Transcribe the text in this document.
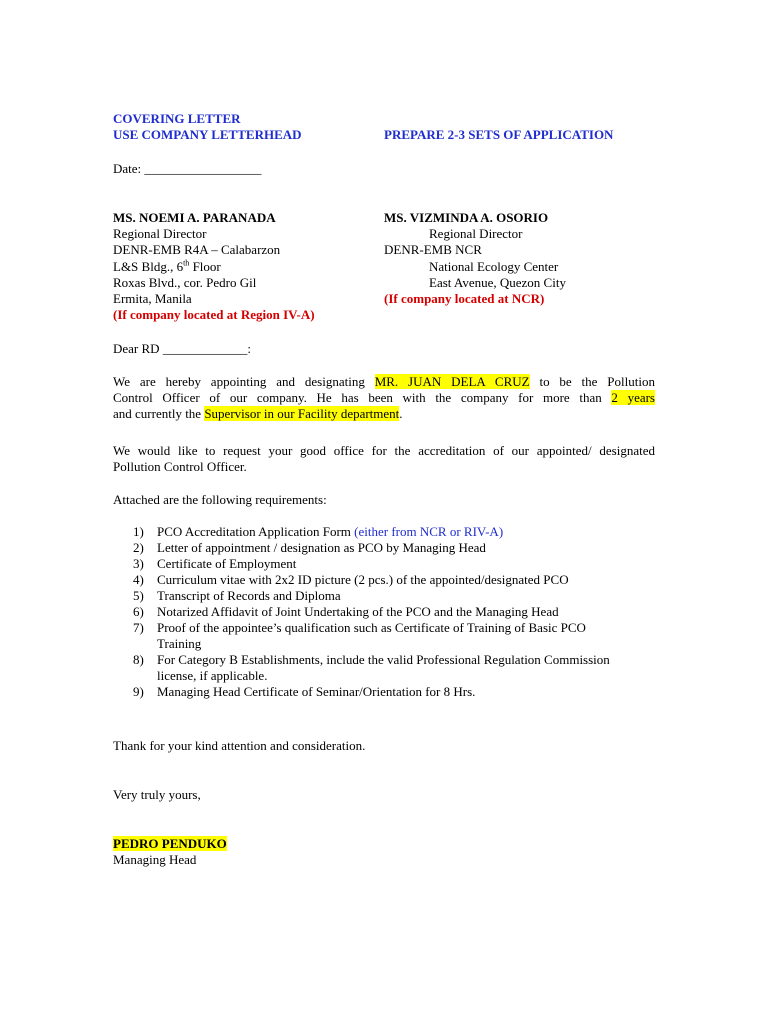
COVERING LETTER
USE COMPANY LETTERHEAD	PREPARE 2-3 SETS OF APPLICATION
Date: __________________
MS. NOEMI A. PARANADA
Regional Director
DENR-EMB R4A – Calabarzon
L&S Bldg., 6th Floor
Roxas Blvd., cor. Pedro Gil
Ermita, Manila
(If company located at Region IV-A)
MS. VIZMINDA A. OSORIO
Regional Director
DENR-EMB NCR
National Ecology Center
East Avenue, Quezon City
(If company located at NCR)
Dear RD _____________:
We are hereby appointing and designating MR. JUAN DELA CRUZ to be the Pollution
Control Officer of our company. He has been with the company for more than 2 years
and currently the Supervisor in our Facility department.
We would like to request your good office for the accreditation of our appointed/ designated
Pollution Control Officer.
Attached are the following requirements:
1) PCO Accreditation Application Form (either from NCR or RIV-A)
2) Letter of appointment / designation as PCO by Managing Head
3) Certificate of Employment
4) Curriculum vitae with 2x2 ID picture (2 pcs.) of the appointed/designated PCO
5) Transcript of Records and Diploma
6) Notarized Affidavit of Joint Undertaking of the PCO and the Managing Head
7) Proof of the appointee’s qualification such as Certificate of Training of Basic PCO
Training
8) For Category B Establishments, include the valid Professional Regulation Commission
license, if applicable.
9) Managing Head Certificate of Seminar/Orientation for 8 Hrs.
Thank for your kind attention and consideration.
Very truly yours,
PEDRO PENDUKO
Managing Head
